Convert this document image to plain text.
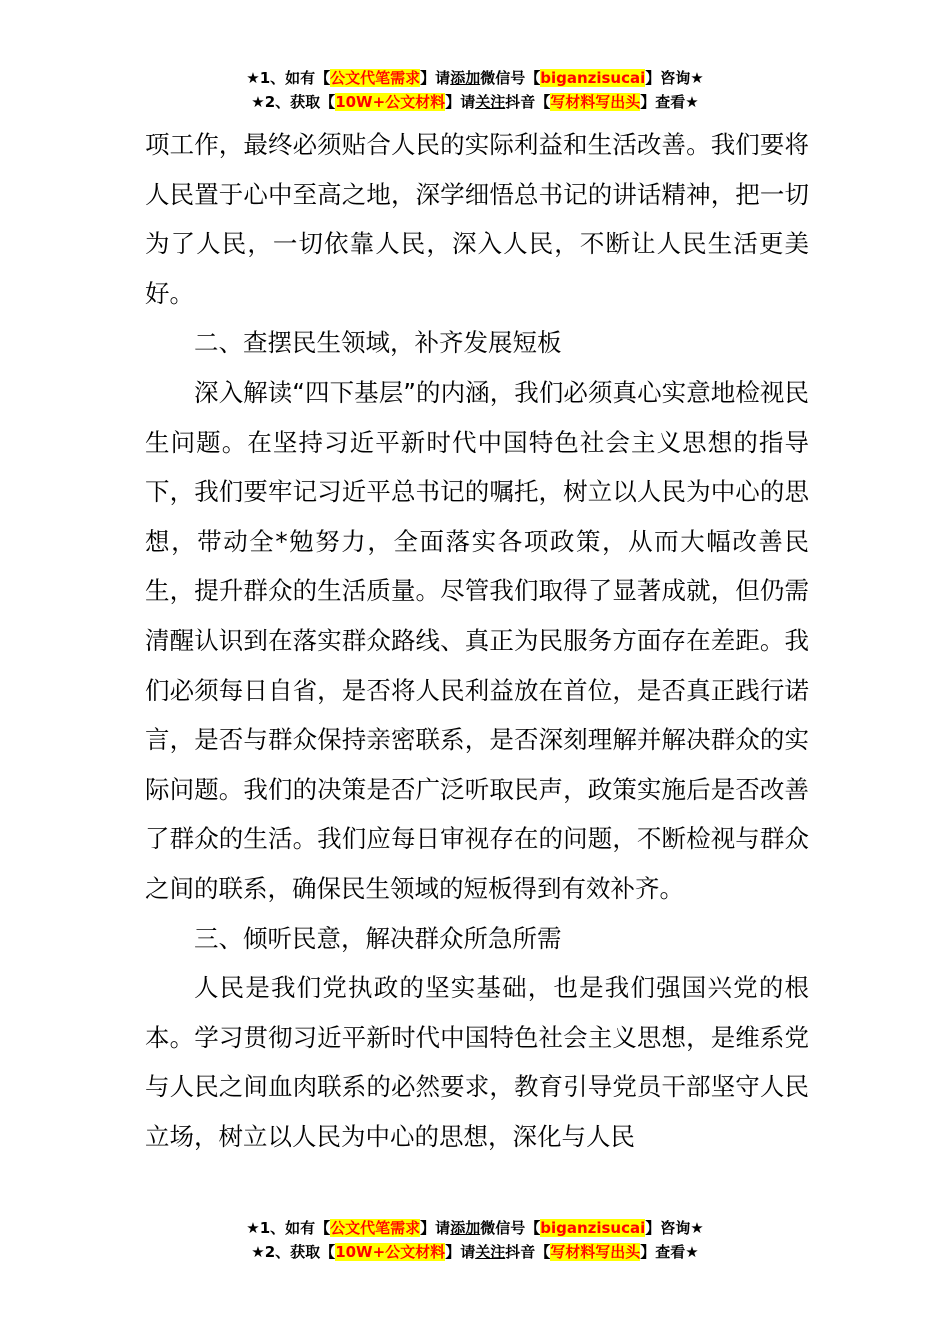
★1、如有【公文代笔需求】请添加微信号【biganzisucai】咨询★
★2、获取【10W+公文材料】请关注抖音【写材料写出头】查看★

项工作，最终必须贴合人民的实际利益和生活改善。我们要将人民置于心中至高之地，深学细悟总书记的讲话精神，把一切为了人民，一切依靠人民，深入人民，不断让人民生活更美好。

二、查摆民生领域，补齐发展短板

深入解读“四下基层”的内涵，我们必须真心实意地检视民生问题。在坚持习近平新时代中国特色社会主义思想的指导下，我们要牢记习近平总书记的嘱托，树立以人民为中心的思想，带动全*勉努力，全面落实各项政策，从而大幅改善民生，提升群众的生活质量。尽管我们取得了显著成就，但仍需清醒认识到在落实群众路线、真正为民服务方面存在差距。我们必须每日自省，是否将人民利益放在首位，是否真正践行诺言，是否与群众保持亲密联系，是否深刻理解并解决群众的实际问题。我们的决策是否广泛听取民声，政策实施后是否改善了群众的生活。我们应每日审视存在的问题，不断检视与群众之间的联系，确保民生领域的短板得到有效补齐。

三、倾听民意，解决群众所急所需

人民是我们党执政的坚实基础，也是我们强国兴党的根本。学习贯彻习近平新时代中国特色社会主义思想，是维系党与人民之间血肉联系的必然要求，教育引导党员干部坚守人民立场，树立以人民为中心的思想，深化与人民

★1、如有【公文代笔需求】请添加微信号【biganzisucai】咨询★
★2、获取【10W+公文材料】请关注抖音【写材料写出头】查看★
